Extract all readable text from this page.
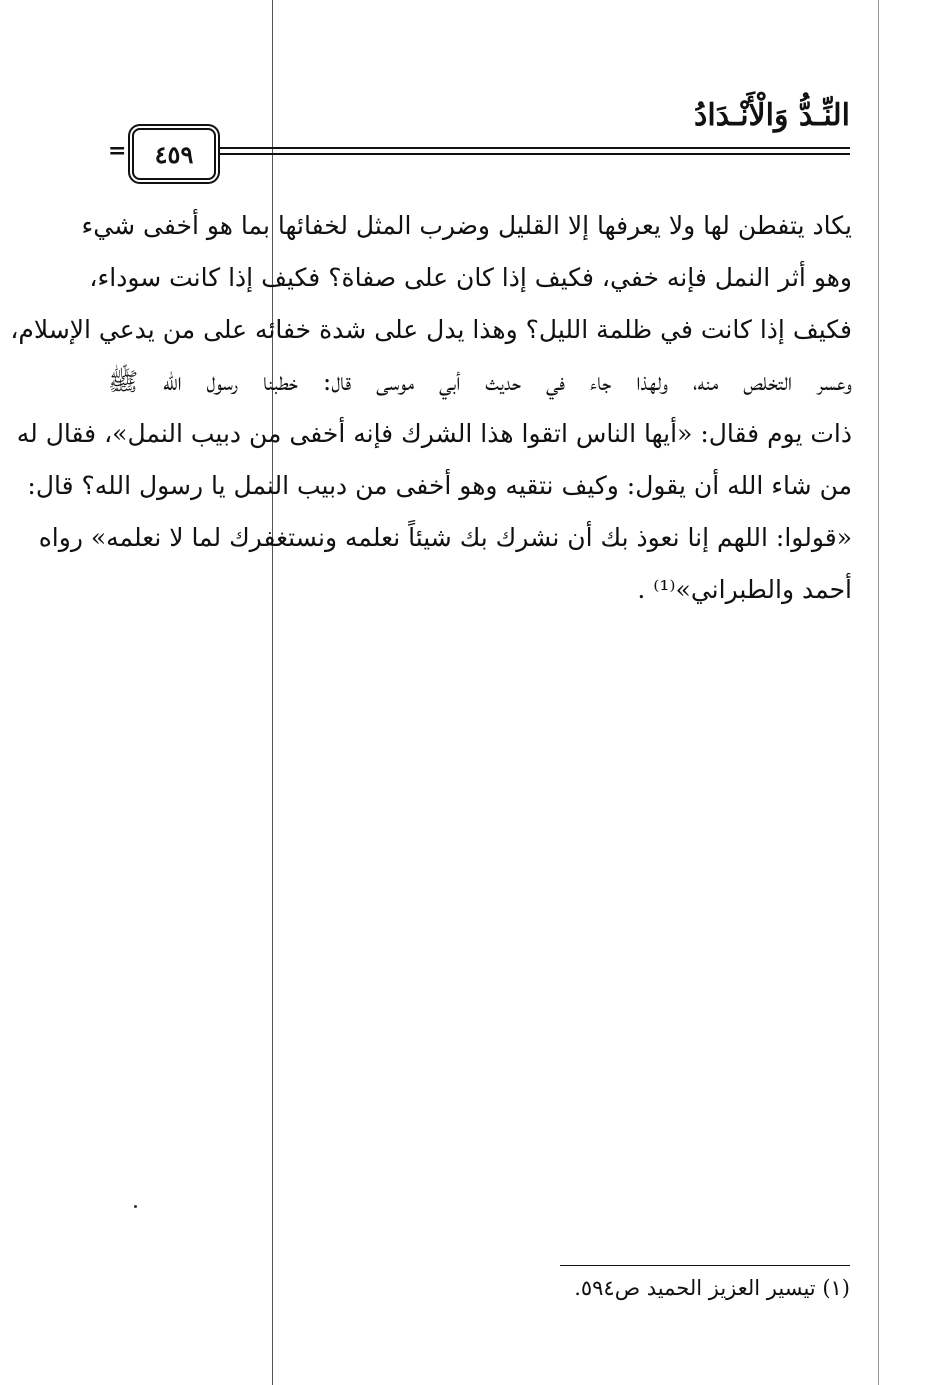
النِّـدُّ وَالْأَنْـدَادُ
= ٤٥٩
يكاد يتفطن لها ولا يعرفها إلا القليل وضرب المثل لخفائها بما هو أخفى شيء
وهو أثر النمل فإنه خفي، فكيف إذا كان على صفاة؟ فكيف إذا كانت سوداء،
فكيف إذا كانت في ظلمة الليل؟ وهذا يدل على شدة خفائه على من يدعي الإسلام،
وعسر التخلص منه، ولهذا جاء في حديث أبي موسى قال: خطبنا رسول الله ﷺ
ذات يوم فقال: «أيها الناس اتقوا هذا الشرك فإنه أخفى من دبيب النمل»، فقال له
من شاء الله أن يقول: وكيف نتقيه وهو أخفى من دبيب النمل يا رسول الله؟ قال:
«قولوا: اللهم إنا نعوذ بك أن نشرك بك شيئاً نعلمه ونستغفرك لما لا نعلمه» رواه
أحمد والطبراني»⁽¹⁾ .
(١) تيسير العزيز الحميد ص٥٩٤.
